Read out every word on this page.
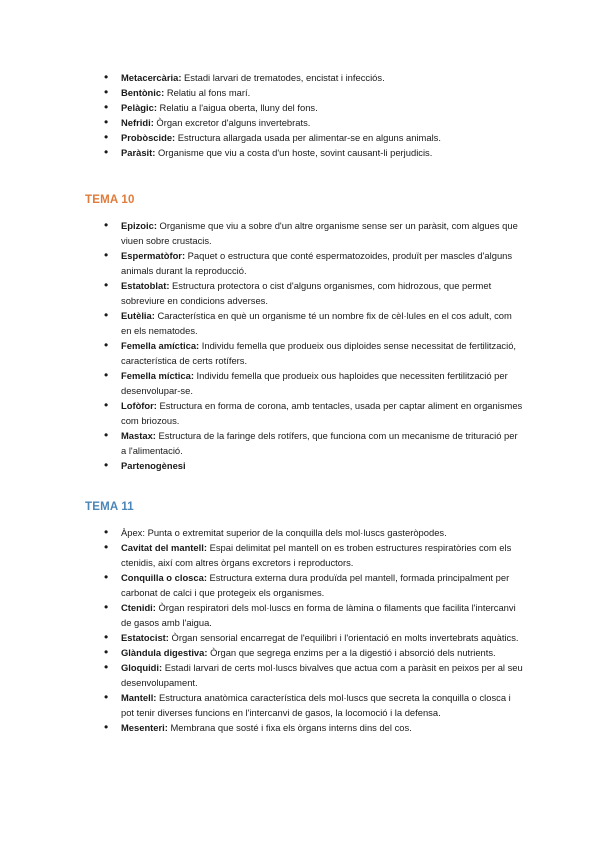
• Metacercària: Estadi larvari de trematodes, encistat i infecciós.
• Bentònic: Relatiu al fons marí.
• Pelàgic: Relatiu a l'aigua oberta, lluny del fons.
• Nefridi: Òrgan excretor d'alguns invertebrats.
• Probòscide: Estructura allargada usada per alimentar-se en alguns animals.
• Paràsit: Organisme que viu a costa d'un hoste, sovint causant-li perjudicis.
TEMA 10
• Epizoic: Organisme que viu a sobre d'un altre organisme sense ser un paràsit, com algues que viuen sobre crustacis.
• Espermatòfor: Paquet o estructura que conté espermatozoides, produït per mascles d'alguns animals durant la reproducció.
• Estatoblat: Estructura protectora o cist d'alguns organismes, com hidrozous, que permet sobreviure en condicions adverses.
• Eutèlia: Característica en què un organisme té un nombre fix de cèl·lules en el cos adult, com en els nematodes.
• Femella amíctica: Individu femella que produeix ous diploides sense necessitat de fertilització, característica de certs rotífers.
• Femella míctica: Individu femella que produeix ous haploides que necessiten fertilització per desenvolupar-se.
• Lofòfor: Estructura en forma de corona, amb tentacles, usada per captar aliment en organismes com briozous.
• Mastax: Estructura de la faringe dels rotífers, que funciona com un mecanisme de trituració per a l'alimentació.
• Partenogènesi
TEMA 11
• Àpex: Punta o extremitat superior de la conquilla dels mol·luscs gasteròpodes.
• Cavitat del mantell: Espai delimitat pel mantell on es troben estructures respiratòries com els ctenidis, així com altres òrgans excretors i reproductors.
• Conquilla o closca: Estructura externa dura produïda pel mantell, formada principalment per carbonat de calci i que protegeix els organismes.
• Ctenidi: Òrgan respiratori dels mol·luscs en forma de làmina o filaments que facilita l'intercanvi de gasos amb l'aigua.
• Estatocist: Òrgan sensorial encarregat de l'equilibri i l'orientació en molts invertebrats aquàtics.
• Glàndula digestiva: Òrgan que segrega enzims per a la digestió i absorció dels nutrients.
• Gloquidi: Estadi larvari de certs mol·luscs bivalves que actua com a paràsit en peixos per al seu desenvolupament.
• Mantell: Estructura anatòmica característica dels mol·luscs que secreta la conquilla o closca i pot tenir diverses funcions en l'intercanvi de gasos, la locomoció i la defensa.
• Mesenteri: Membrana que sosté i fixa els òrgans interns dins del cos.
